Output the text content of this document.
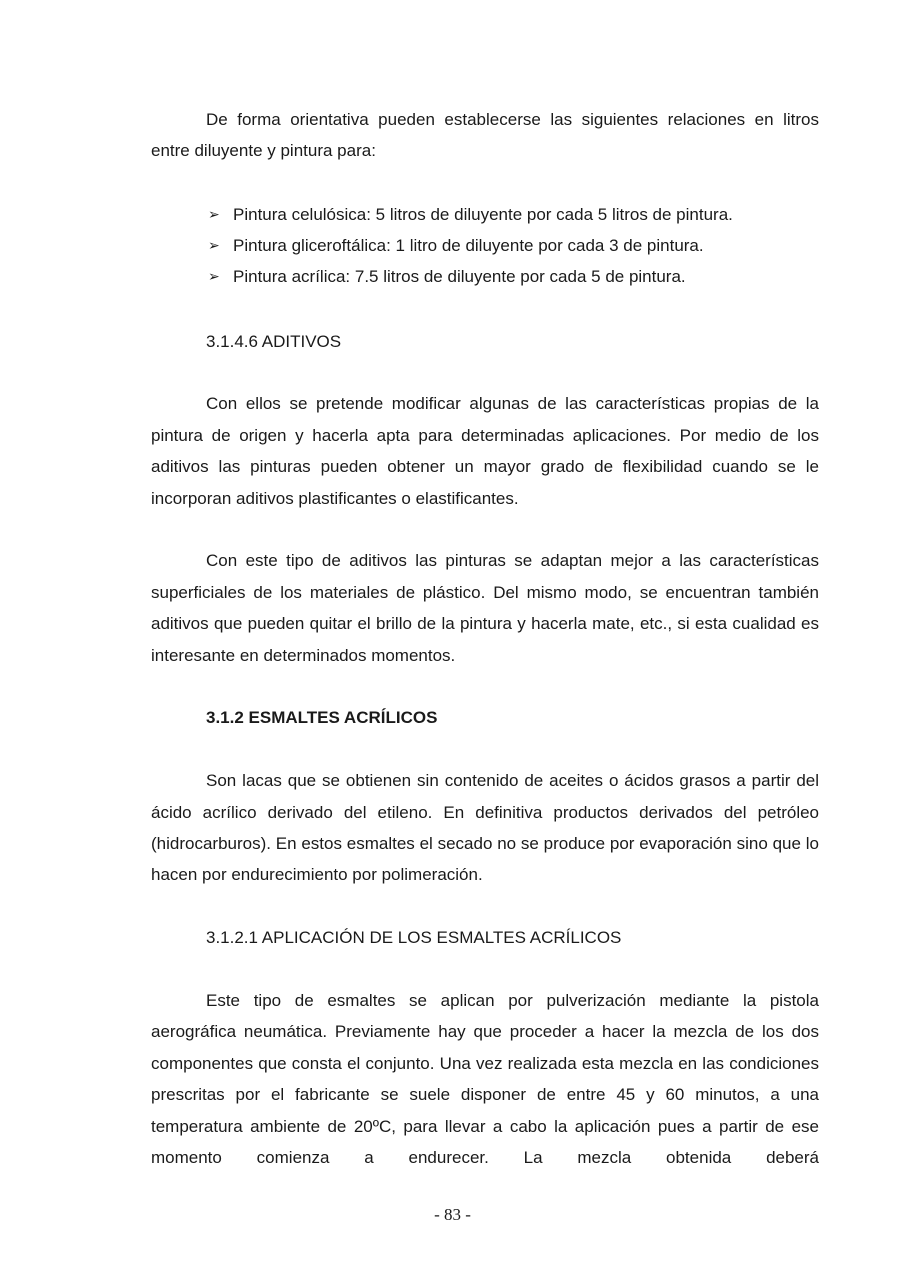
De forma orientativa pueden establecerse las siguientes relaciones en litros entre diluyente y pintura para:

➢ Pintura celulósica: 5 litros de diluyente por cada 5 litros de pintura.
➢ Pintura gliceroftálica: 1 litro de diluyente por cada 3 de pintura.
➢ Pintura acrílica: 7.5 litros de diluyente por cada 5 de pintura.

3.1.4.6 ADITIVOS

Con ellos se pretende modificar algunas de las características propias de la pintura de origen y hacerla apta para determinadas aplicaciones. Por medio de los aditivos las pinturas pueden obtener un mayor grado de flexibilidad cuando se le incorporan aditivos plastificantes o elastificantes.

Con este tipo de aditivos las pinturas se adaptan mejor a las características superficiales de los materiales de plástico. Del mismo modo, se encuentran también aditivos que pueden quitar el brillo de la pintura y hacerla mate, etc., si esta cualidad es interesante en determinados momentos.

3.1.2 ESMALTES ACRÍLICOS

Son lacas que se obtienen sin contenido de aceites o ácidos grasos a partir del ácido acrílico derivado del etileno. En definitiva productos derivados del petróleo (hidrocarburos). En estos esmaltes el secado no se produce por evaporación sino que lo hacen por endurecimiento por polimeración.

3.1.2.1 APLICACIÓN DE LOS ESMALTES ACRÍLICOS

Este tipo de esmaltes se aplican por pulverización mediante la pistola aerográfica neumática. Previamente hay que proceder a hacer la mezcla de los dos componentes que consta el conjunto. Una vez realizada esta mezcla en las condiciones prescritas por el fabricante se suele disponer de entre 45 y 60 minutos, a una temperatura ambiente de 20ºC, para llevar a cabo la aplicación pues a partir de ese momento comienza a endurecer. La mezcla obtenida deberá

- 83 -
